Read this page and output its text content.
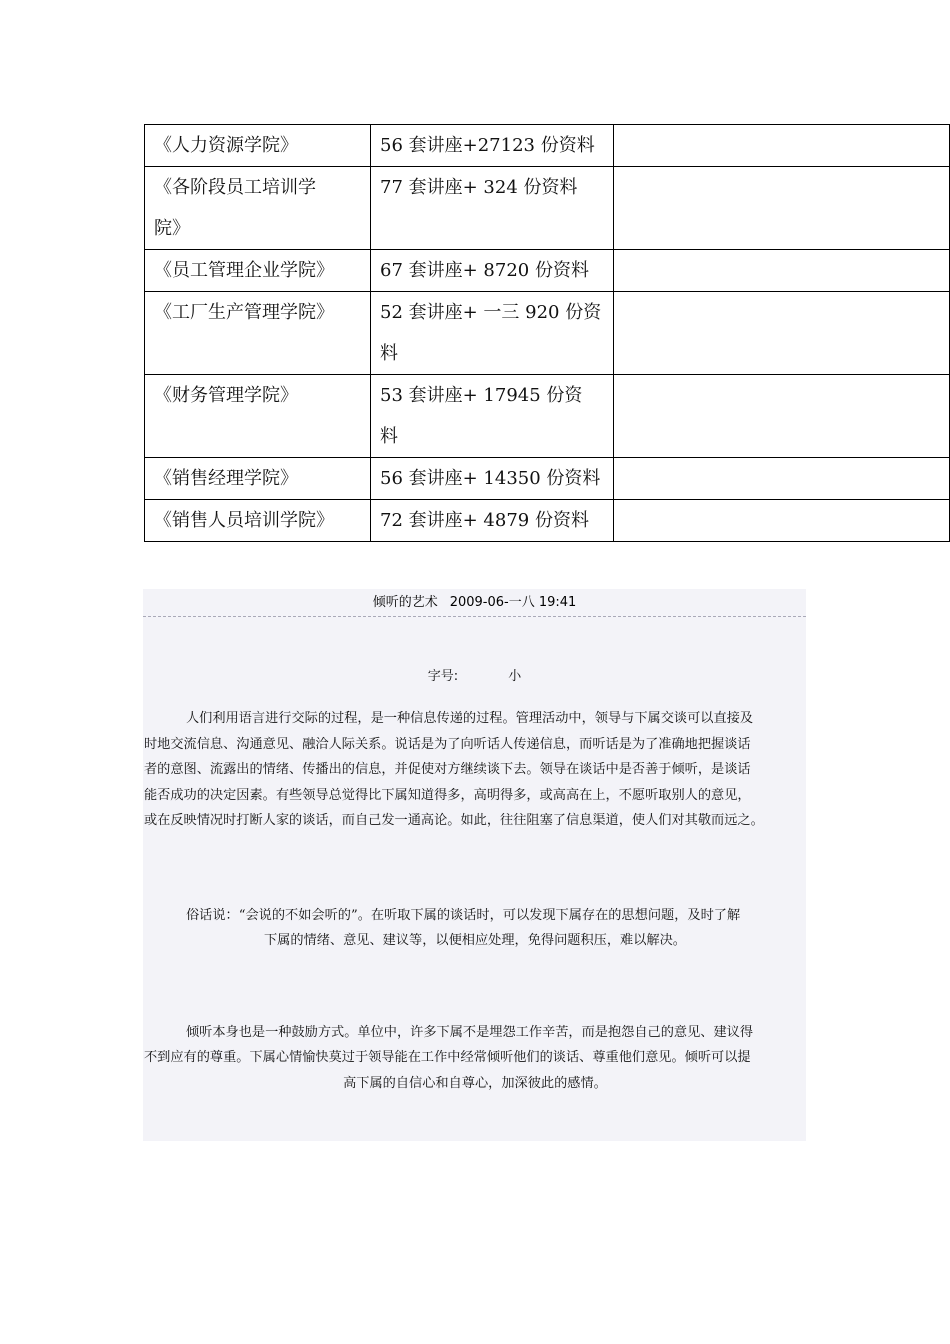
《人力资源学院》	56 套讲座+27123 份资料	
《各阶段员工培训学
院》	77 套讲座+ 324 份资料	
《员工管理企业学院》	67 套讲座+ 8720 份资料	
《工厂生产管理学院》	52 套讲座+ 一三 920 份资
料	
《财务管理学院》	53 套讲座+ 17945 份资
料	
《销售经理学院》	56 套讲座+ 14350 份资料	
《销售人员培训学院》	72 套讲座+ 4879 份资料	
倾听的艺术 2009-06-一八 19:41
字号:	小
人们利用语言进行交际的过程，是一种信息传递的过程。管理活动中，领导与下属交谈可以直接及
时地交流信息、沟通意见、融洽人际关系。说话是为了向听话人传递信息，而听话是为了准确地把握谈话
者的意图、流露出的情绪、传播出的信息，并促使对方继续谈下去。领导在谈话中是否善于倾听，是谈话
能否成功的决定因素。有些领导总觉得比下属知道得多，高明得多，或高高在上，不愿听取别人的意见，
或在反映情况时打断人家的谈话，而自己发一通高论。如此，往往阻塞了信息渠道，使人们对其敬而远之。
俗话说：“会说的不如会听的”。在听取下属的谈话时，可以发现下属存在的思想问题，及时了解
下属的情绪、意见、建议等，以便相应处理，免得问题积压，难以解决。
倾听本身也是一种鼓励方式。单位中，许多下属不是埋怨工作辛苦，而是抱怨自己的意见、建议得
不到应有的尊重。下属心情愉快莫过于领导能在工作中经常倾听他们的谈话、尊重他们意见。倾听可以提
高下属的自信心和自尊心，加深彼此的感情。
